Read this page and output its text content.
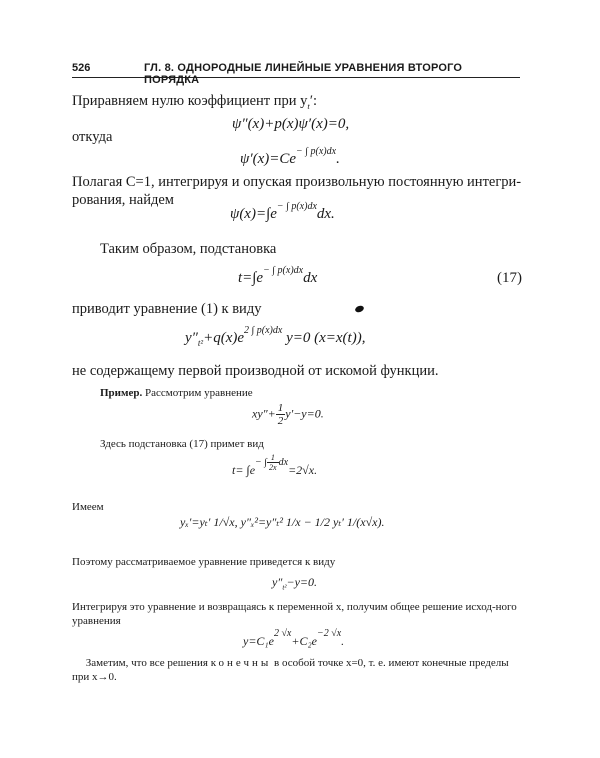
526	ГЛ. 8. ОДНОРОДНЫЕ ЛИНЕЙНЫЕ УРАВНЕНИЯ ВТОРОГО ПОРЯДКА

Приравняем нулю коэффициент при $y_t'$:
ψ″(x)+p(x)ψ′(x)=0,
откуда
$\psi'(x)=Ce^{- \int p(x)dx}$.
Полагая C=1, интегрируя и опуская произвольную постоянную интегри-рования, найдем
$\psi(x)=\int e^{- \int p(x)dx}dx$.
Таким образом, подстановка
$t=\int e^{- \int p(x)dx}dx$	(17)
приводит уравнение (1) к виду
$y''_{t^2}+q(x)e^{2 \int p(x)dx}$ y=0 (x=x(t)),
не содержащему первой производной от искомой функции.
Пример. Рассмотрим уравнение
$xy''+ \frac{1}{2} y'-y=0$.
Здесь подстановка (17) примет вид
$t= \int e^{- \int \frac{1}{2x} dx}=2√x$.
Имеем
yₓ′=yₜ′ 1/√x, y″ₓ²=y″ₜ² 1/x − 1/2 yₜ′ 1/(x√x).
Поэтому рассматриваемое уравнение приведется к виду
$y''_{t^2}-y=0$.
Интегрируя это уравнение и возвращаясь к переменной x, получим общее решение исход-ного уравнения
$y=C_1e^{2 √x}+C_2e^{-2 √x}$.
Заметим, что все решения конечны в особой точке x=0, т. е. имеют конечные пределы при x→0.
